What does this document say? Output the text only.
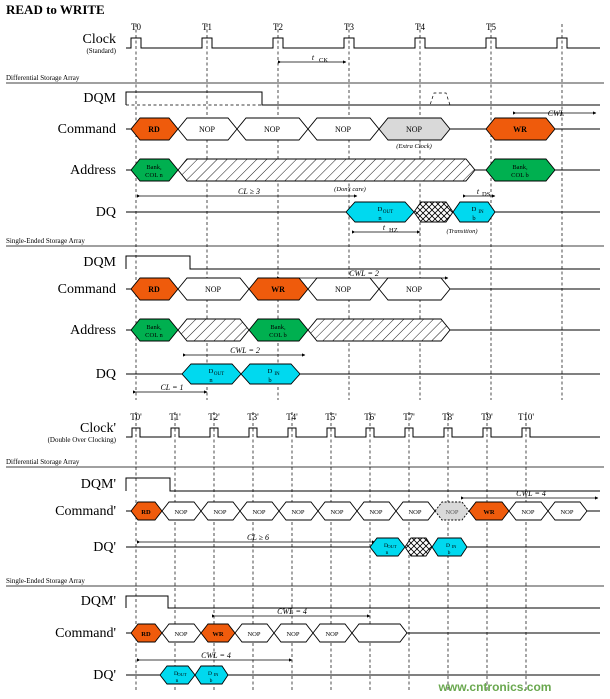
READ to WRITE
T0	T1	T2	T3	T4	T5
Clock
(Standard)
t CK
Differential Storage Array
DQM
CWL
Command	RD	NOP	NOP	NOP	NOP	WR
(Extra Clock)
Address	Bank,
COL n
Bank,
COL b
(Don't care)
CL ≥ 3	t DS
DQ	D OUT
n
D IN
b
t HZ	(Transition)
Single-Ended Storage Array
DQM
CWL = 2
Command	RD	NOP	WR	NOP	NOP
Address	Bank,
COL n
Bank,
COL b
CWL = 2
DQ	D OUT
n
D IN
b
CL = 1
T0'	T1'	T2'	T3'	T4'	T5'	T6'	T7'	T8'	T9'	T10'
Clock'
(Double Over Clocking)
Differential Storage Array
DQM'
CWL = 4
Command'	RD	NOP	NOP	NOP	NOP	NOP	NOP	NOP	NOP	WR	NOP	NOP
CL ≥ 6
DQ'	D OUT
n
D IN
b
Single-Ended Storage Array
DQM'
CWL = 4
Command'	RD	NOP	WR	NOP	NOP	NOP
CWL = 4
DQ'	D OUT
n
D IN
b	www.cntronics.com
